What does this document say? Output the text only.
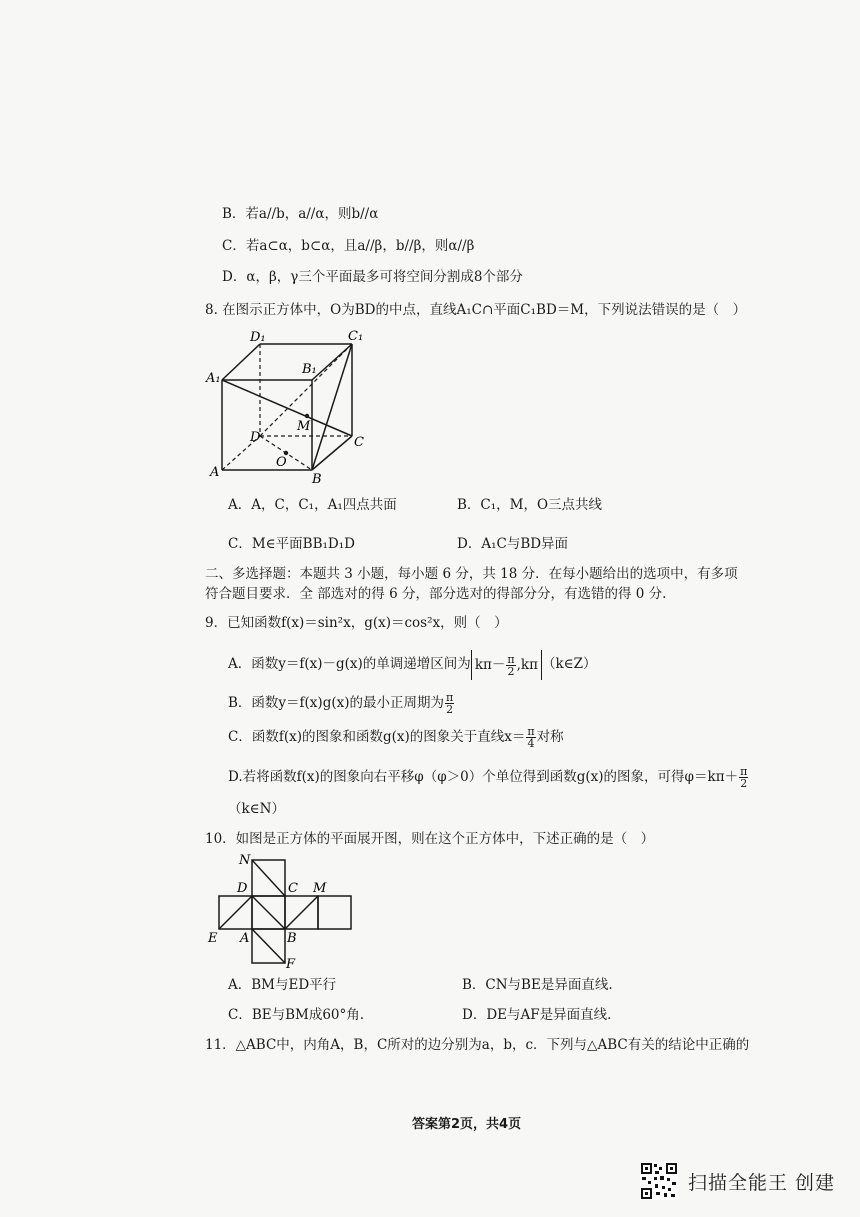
B．若a//b，a//α，则b//α
C．若a⊂α，b⊂α，且a//β，b//β，则α//β
D．α，β，γ三个平面最多可将空间分割成8个部分
8. 在图示正方体中，O为BD的中点，直线A₁C∩平面C₁BD＝M，下列说法错误的是（　）
D₁	C₁
B₁
A₁
M
D	C
O
A	B
A．A，C，C₁，A₁四点共面	B．C₁，M，O三点共线
C．M∈平面BB₁D₁D	D．A₁C与BD异面
二、多选择题：本题共 3 小题，每小题 6 分，共 18 分．在每小题给出的选项中，有多项
符合题目要求．全 部选对的得 6 分，部分选对的得部分分，有选错的得 0 分.
9．已知函数f(x)＝sin²x，g(x)＝cos²x，则（　）
A．函数y＝f(x)－g(x)的单调递增区间为 $k\pi- \frac{\pi}{2} ,k\pi$ （k∈Z）
B．函数y＝f(x)g(x)的最小正周期为 $\frac{\pi}{2}$
C．函数f(x)的图象和函数g(x)的图象关于直线$x= \frac{\pi}{4}$ 对称
D.若将函数f(x)的图象向右平移φ（φ＞0）个单位得到函数g(x)的图象，可得$\varphi=k\pi+ \frac{\pi}{2}$
（k∈N）
10．如图是正方体的平面展开图，则在这个正方体中，下述正确的是（　）
N
D	C M
E A	B
F
A．BM与ED平行	B．CN与BE是异面直线.
C．BE与BM成60°角.	D．DE与AF是异面直线.
11．△ABC中，内角A，B，C所对的边分别为a，b，c．下列与△ABC有关的结论中正确的
答案第2页，共4页
扫描全能王 创建
